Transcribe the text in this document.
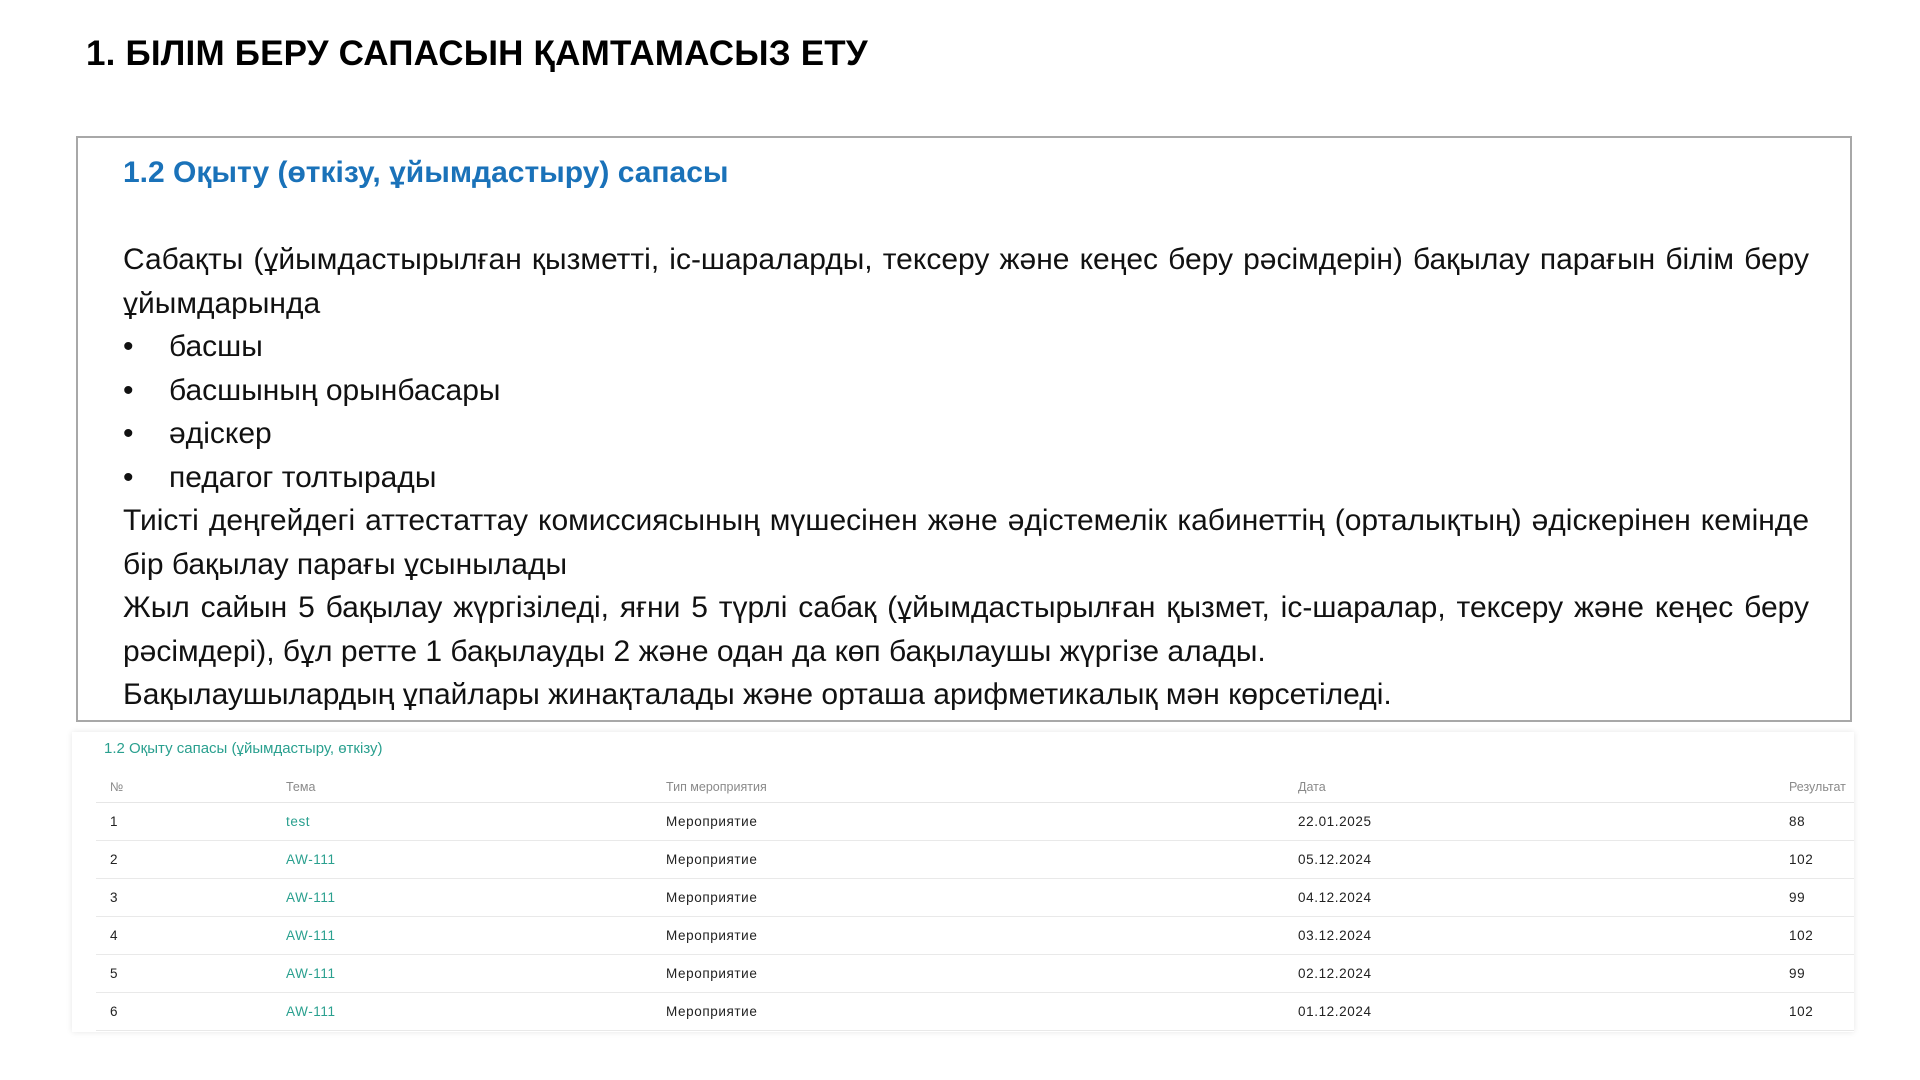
1. БІЛІМ БЕРУ САПАСЫН ҚАМТАМАСЫЗ ЕТУ

1.2 Оқыту (өткізу, ұйымдастыру) сапасы

Сабақты (ұйымдастырылған қызметті, іс-шараларды, тексеру және кеңес беру рәсімдерін) бақылау парағын білім беру ұйымдарында

• басшы
• басшының орынбасары
• әдіскер
• педагог толтырады

Тиісті деңгейдегі аттестаттау комиссиясының мүшесінен және әдістемелік кабинеттің (орталықтың) әдіскерінен кемінде бір бақылау парағы ұсынылады

Жыл сайын 5 бақылау жүргізіледі, яғни 5 түрлі сабақ (ұйымдастырылған қызмет, іс-шаралар, тексеру және кеңес беру рәсімдері), бұл ретте 1 бақылауды 2 және одан да көп бақылаушы жүргізе алады.

Бақылаушылардың ұпайлары жинақталады және орташа арифметикалық мән көрсетіледі.

1.2 Оқыту сапасы (ұйымдастыру, өткізу)
№	Тема	Тип мероприятия	Дата	Результат
1	test	Мероприятие	22.01.2025	88
2	AW-111	Мероприятие	05.12.2024	102
3	AW-111	Мероприятие	04.12.2024	99
4	AW-111	Мероприятие	03.12.2024	102
5	AW-111	Мероприятие	02.12.2024	99
6	AW-111	Мероприятие	01.12.2024	102
